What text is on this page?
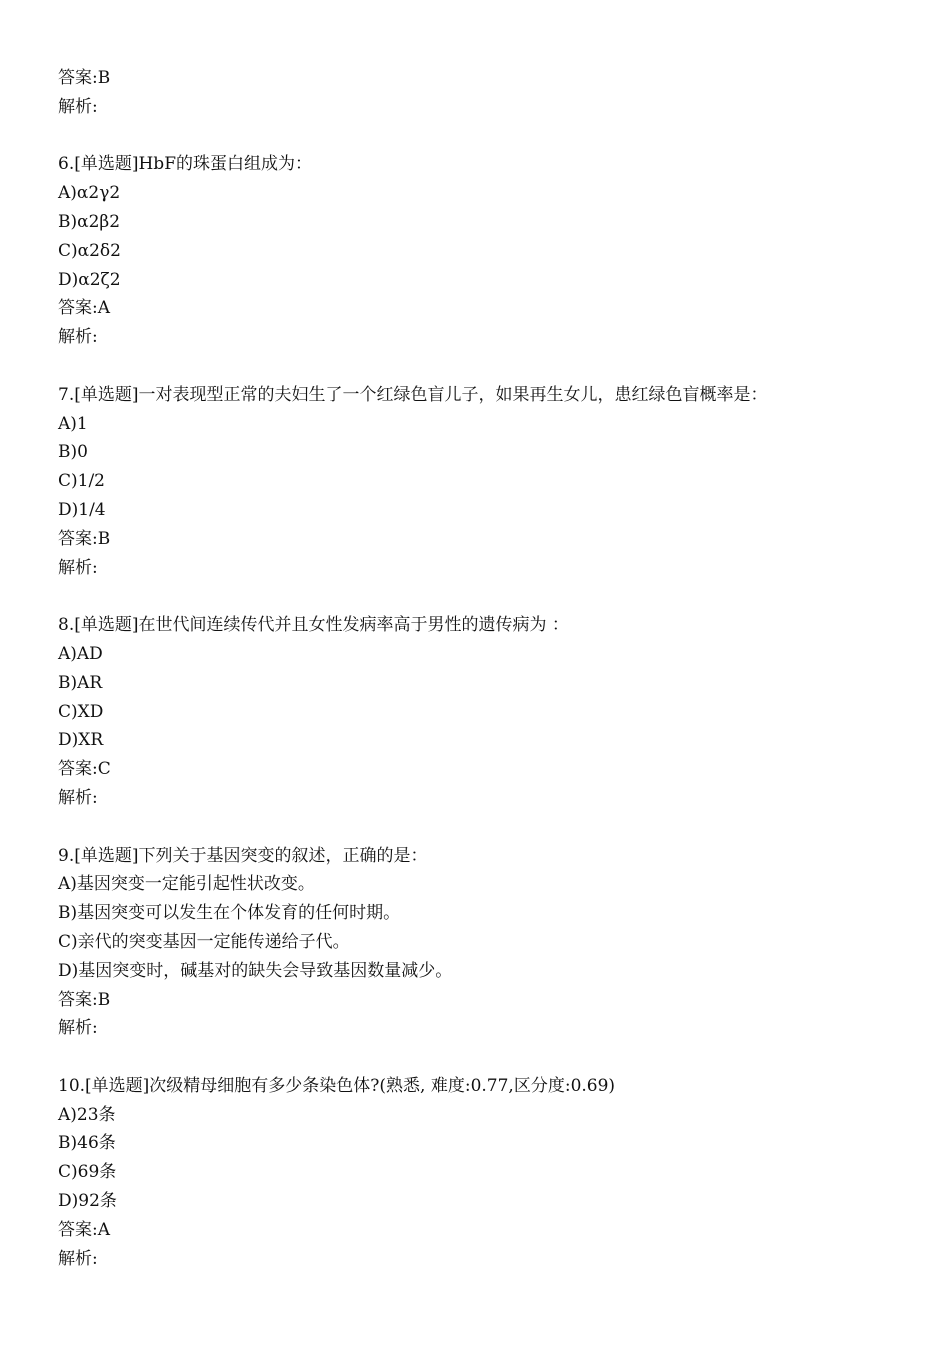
答案:B
解析:
6.[单选题]HbF的珠蛋白组成为：
A)α2γ2
B)α2β2
C)α2δ2
D)α2ζ2
答案:A
解析:
7.[单选题]一对表现型正常的夫妇生了一个红绿色盲儿子，如果再生女儿，患红绿色盲概率是：
A)1
B)0
C)1/2
D)1/4
答案:B
解析:
8.[单选题]在世代间连续传代并且女性发病率高于男性的遗传病为 ：
A)AD
B)AR
C)XD
D)XR
答案:C
解析:
9.[单选题]下列关于基因突变的叙述，正确的是：
A)基因突变一定能引起性状改变。
B)基因突变可以发生在个体发育的任何时期。
C)亲代的突变基因一定能传递给子代。
D)基因突变时，碱基对的缺失会导致基因数量减少。
答案:B
解析:
10.[单选题]次级精母细胞有多少条染色体?(熟悉, 难度:0.77,区分度:0.69)
A)23条
B)46条
C)69条
D)92条
答案:A
解析:
